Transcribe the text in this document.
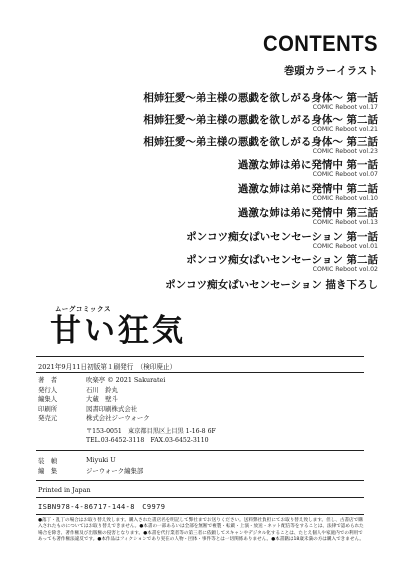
CONTENTS
巻頭カラーイラスト
相姉狂愛〜弟主様の悪戯を欲しがる身体〜 第一話
COMIC Reboot vol.17
相姉狂愛〜弟主様の悪戯を欲しがる身体〜 第二話
COMIC Reboot vol.21
相姉狂愛〜弟主様の悪戯を欲しがる身体〜 第三話
COMIC Reboot vol.23
過激な姉は弟に発情中 第一話
COMIC Reboot vol.07
過激な姉は弟に発情中 第二話
COMIC Reboot vol.10
過激な姉は弟に発情中 第三話
COMIC Reboot vol.13
ポンコツ痴女ぱいセンセーション 第一話
COMIC Reboot vol.01
ポンコツ痴女ぱいセンセーション 第二話
COMIC Reboot vol.02
ポンコツ痴女ぱいセンセーション 描き下ろし
ムーグコミックス
甘い狂気
2021年9月11日初版第１刷発行　（検印廃止）
著　者	吹楽亭 © 2021 Sakuratei
発行人	石川　鈴丸
編集人	大蔵　壁斗
印刷所	図書印刷株式会社
発売元	株式会社ジーウォーク
〒153-0051　東京都目黒区上目黒 1-16-8 6F
TEL.03-6452-3118　FAX.03-6452-3110
装　幀	Miyuki U
編　集	ジーウォーク編集部
Printed in Japan
ISBN978-4-86717-144-8　C9979
●落丁・乱丁の場合はお取り替え致します。購入された書店名を明記して弊社までお送りください。送料弊社負担にてお取り替え致します。但し、古書店で購入されたものについてはお取り替えできません。●本書の一部あるいは全部を無断で複製・転載・上演・放送・ネット配信等をすることは、法律で認められた場合を除き、著作権及び出版権の侵害となります。●本書を代行業者等の第三者に依頼してスキャンやデジタル化することは、たとえ個人や家庭内での利用であっても著作権法違反です。●本作品はフィクションであり実在の人物・団体・事件等とは一切関係ありません。●本書籍は18歳未満の方は購入できません。
